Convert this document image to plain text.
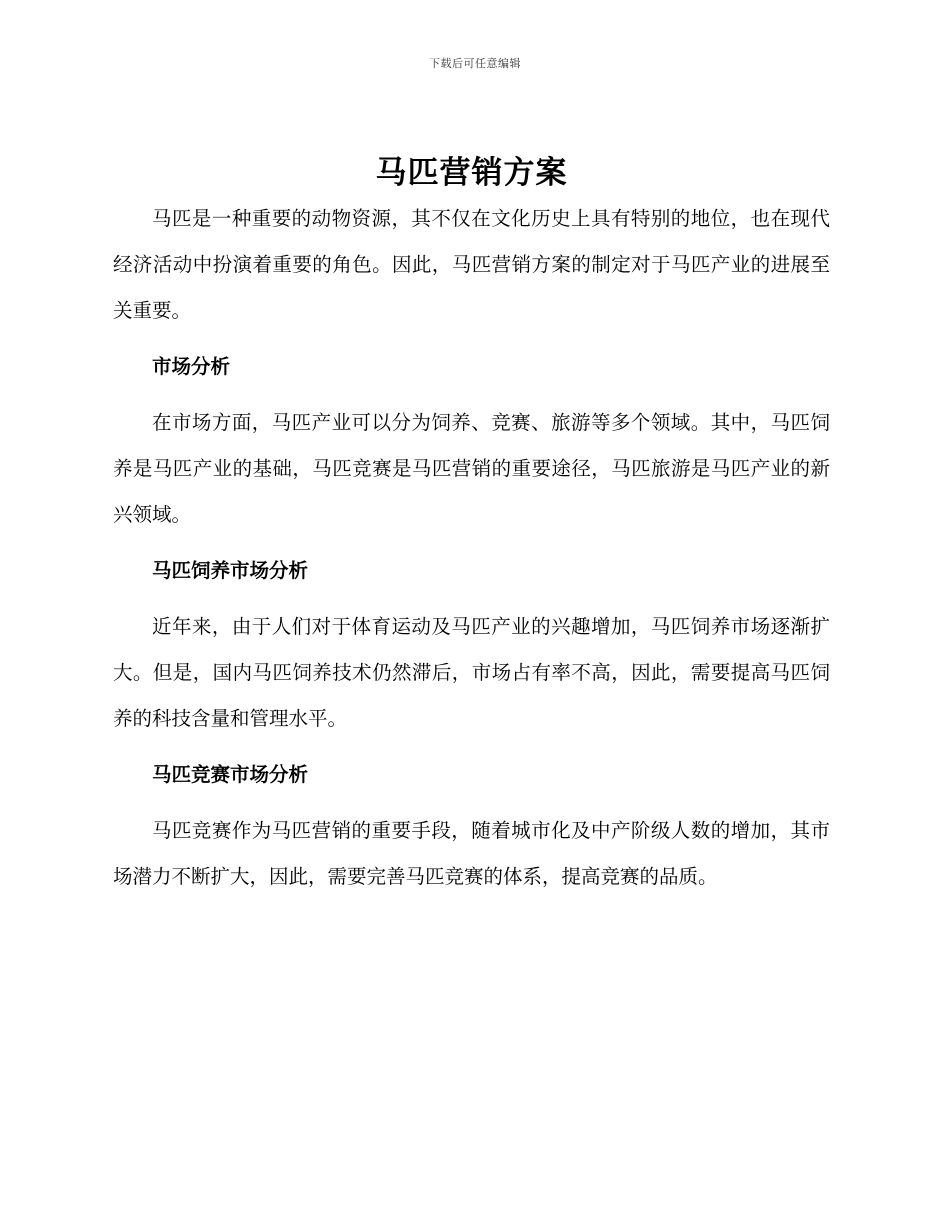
下载后可任意编辑
马匹营销方案

马匹是一种重要的动物资源，其不仅在文化历史上具有特别的地位，也在现代经济活动中扮演着重要的角色。因此，马匹营销方案的制定对于马匹产业的进展至关重要。

市场分析

在市场方面，马匹产业可以分为饲养、竞赛、旅游等多个领域。其中，马匹饲养是马匹产业的基础，马匹竞赛是马匹营销的重要途径，马匹旅游是马匹产业的新兴领域。

马匹饲养市场分析

近年来，由于人们对于体育运动及马匹产业的兴趣增加，马匹饲养市场逐渐扩大。但是，国内马匹饲养技术仍然滞后，市场占有率不高，因此，需要提高马匹饲养的科技含量和管理水平。

马匹竞赛市场分析

马匹竞赛作为马匹营销的重要手段，随着城市化及中产阶级人数的增加，其市场潜力不断扩大，因此，需要完善马匹竞赛的体系，提高竞赛的品质。
